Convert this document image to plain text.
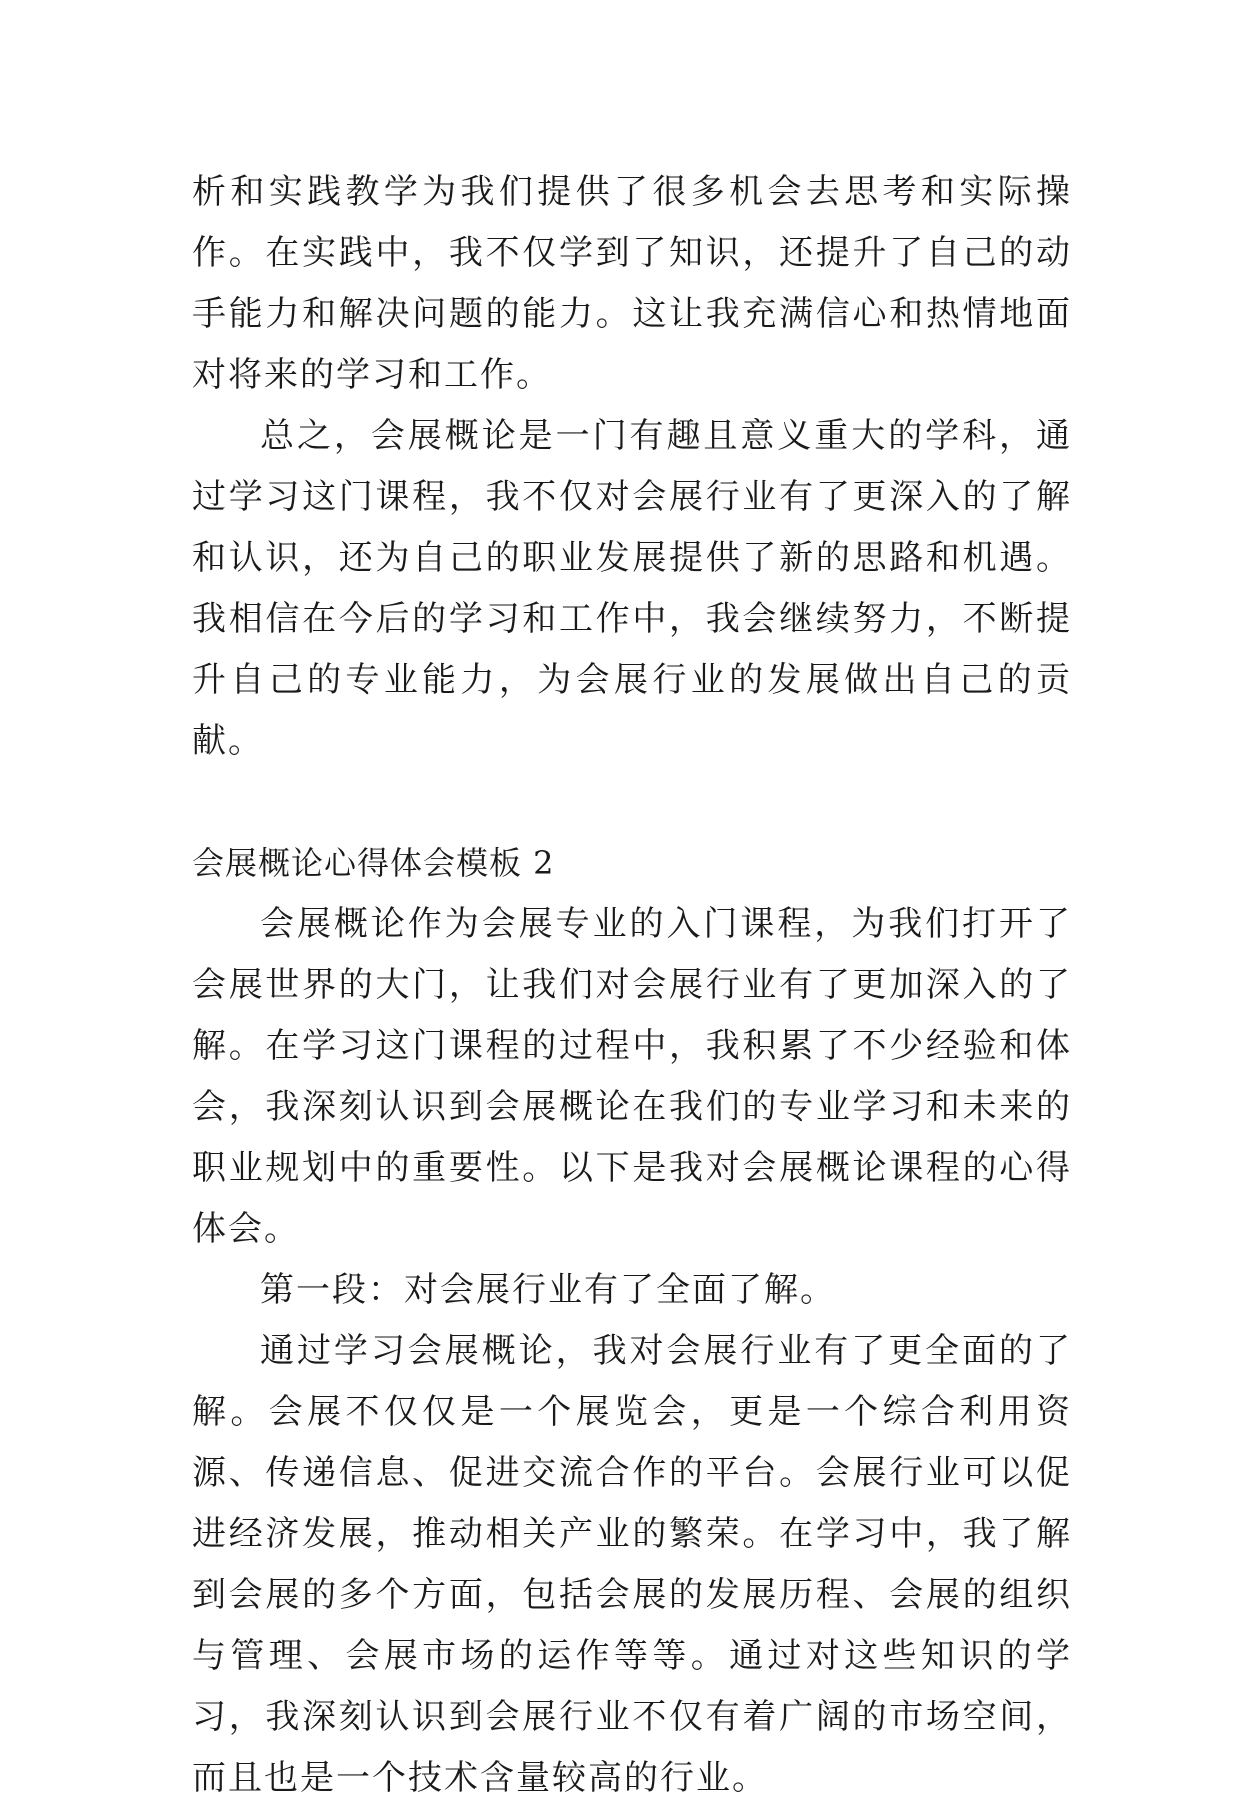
析和实践教学为我们提供了很多机会去思考和实际操作。在实践中，我不仅学到了知识，还提升了自己的动手能力和解决问题的能力。这让我充满信心和热情地面对将来的学习和工作。

总之，会展概论是一门有趣且意义重大的学科，通过学习这门课程，我不仅对会展行业有了更深入的了解和认识，还为自己的职业发展提供了新的思路和机遇。我相信在今后的学习和工作中，我会继续努力，不断提升自己的专业能力，为会展行业的发展做出自己的贡献。

会展概论心得体会模板 2

会展概论作为会展专业的入门课程，为我们打开了会展世界的大门，让我们对会展行业有了更加深入的了解。在学习这门课程的过程中，我积累了不少经验和体会，我深刻认识到会展概论在我们的专业学习和未来的职业规划中的重要性。以下是我对会展概论课程的心得体会。

第一段：对会展行业有了全面了解。

通过学习会展概论，我对会展行业有了更全面的了解。会展不仅仅是一个展览会，更是一个综合利用资源、传递信息、促进交流合作的平台。会展行业可以促进经济发展，推动相关产业的繁荣。在学习中，我了解到会展的多个方面，包括会展的发展历程、会展的组织与管理、会展市场的运作等等。通过对这些知识的学习，我深刻认识到会展行业不仅有着广阔的市场空间，而且也是一个技术含量较高的行业。
